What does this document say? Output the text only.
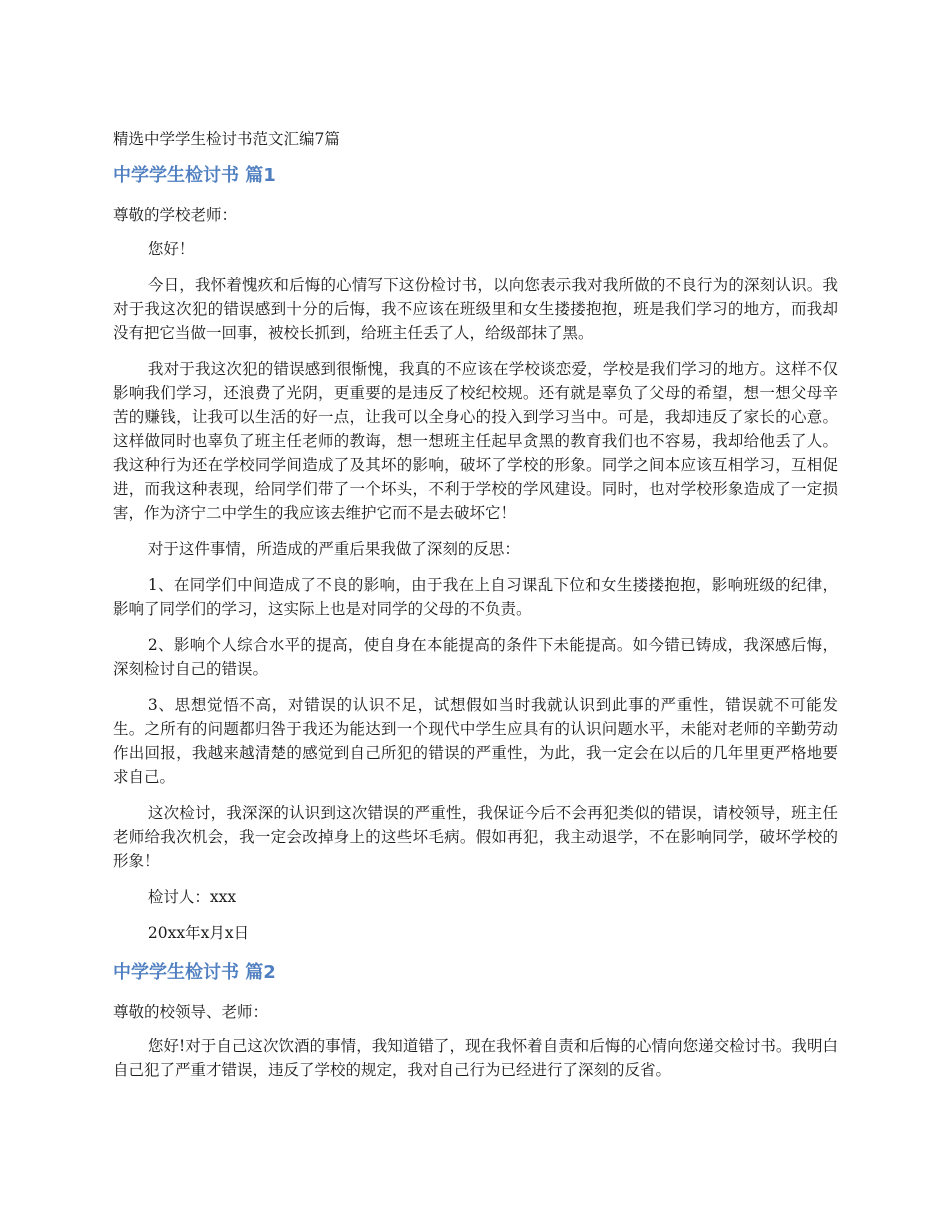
精选中学学生检讨书范文汇编7篇

中学学生检讨书 篇1

尊敬的学校老师：

您好！

今日，我怀着愧疚和后悔的心情写下这份检讨书，以向您表示我对我所做的不良行为的深刻认识。我对于我这次犯的错误感到十分的后悔，我不应该在班级里和女生搂搂抱抱，班是我们学习的地方，而我却没有把它当做一回事，被校长抓到，给班主任丢了人，给级部抹了黑。

我对于我这次犯的错误感到很惭愧，我真的不应该在学校谈恋爱，学校是我们学习的地方。这样不仅影响我们学习，还浪费了光阴，更重要的是违反了校纪校规。还有就是辜负了父母的希望，想一想父母辛苦的赚钱，让我可以生活的好一点，让我可以全身心的投入到学习当中。可是，我却违反了家长的心意。这样做同时也辜负了班主任老师的教诲，想一想班主任起早贪黑的教育我们也不容易，我却给他丢了人。我这种行为还在学校同学间造成了及其坏的影响，破坏了学校的形象。同学之间本应该互相学习，互相促进，而我这种表现，给同学们带了一个坏头，不利于学校的学风建设。同时，也对学校形象造成了一定损害，作为济宁二中学生的我应该去维护它而不是去破坏它！

对于这件事情，所造成的严重后果我做了深刻的反思：

1、在同学们中间造成了不良的影响，由于我在上自习课乱下位和女生搂搂抱抱，影响班级的纪律，影响了同学们的学习，这实际上也是对同学的父母的不负责。

2、影响个人综合水平的提高，使自身在本能提高的条件下未能提高。如今错已铸成，我深感后悔，深刻检讨自己的错误。

3、思想觉悟不高，对错误的认识不足，试想假如当时我就认识到此事的严重性，错误就不可能发生。之所有的问题都归咎于我还为能达到一个现代中学生应具有的认识问题水平，未能对老师的辛勤劳动作出回报，我越来越清楚的感觉到自己所犯的错误的严重性，为此，我一定会在以后的几年里更严格地要求自己。

这次检讨，我深深的认识到这次错误的严重性，我保证今后不会再犯类似的错误，请校领导，班主任老师给我次机会，我一定会改掉身上的这些坏毛病。假如再犯，我主动退学，不在影响同学，破坏学校的形象！

检讨人：xxx

20xx年x月x日

中学学生检讨书 篇2

尊敬的校领导、老师：

您好!对于自己这次饮酒的事情，我知道错了，现在我怀着自责和后悔的心情向您递交检讨书。我明白自己犯了严重才错误，违反了学校的规定，我对自己行为已经进行了深刻的反省。
